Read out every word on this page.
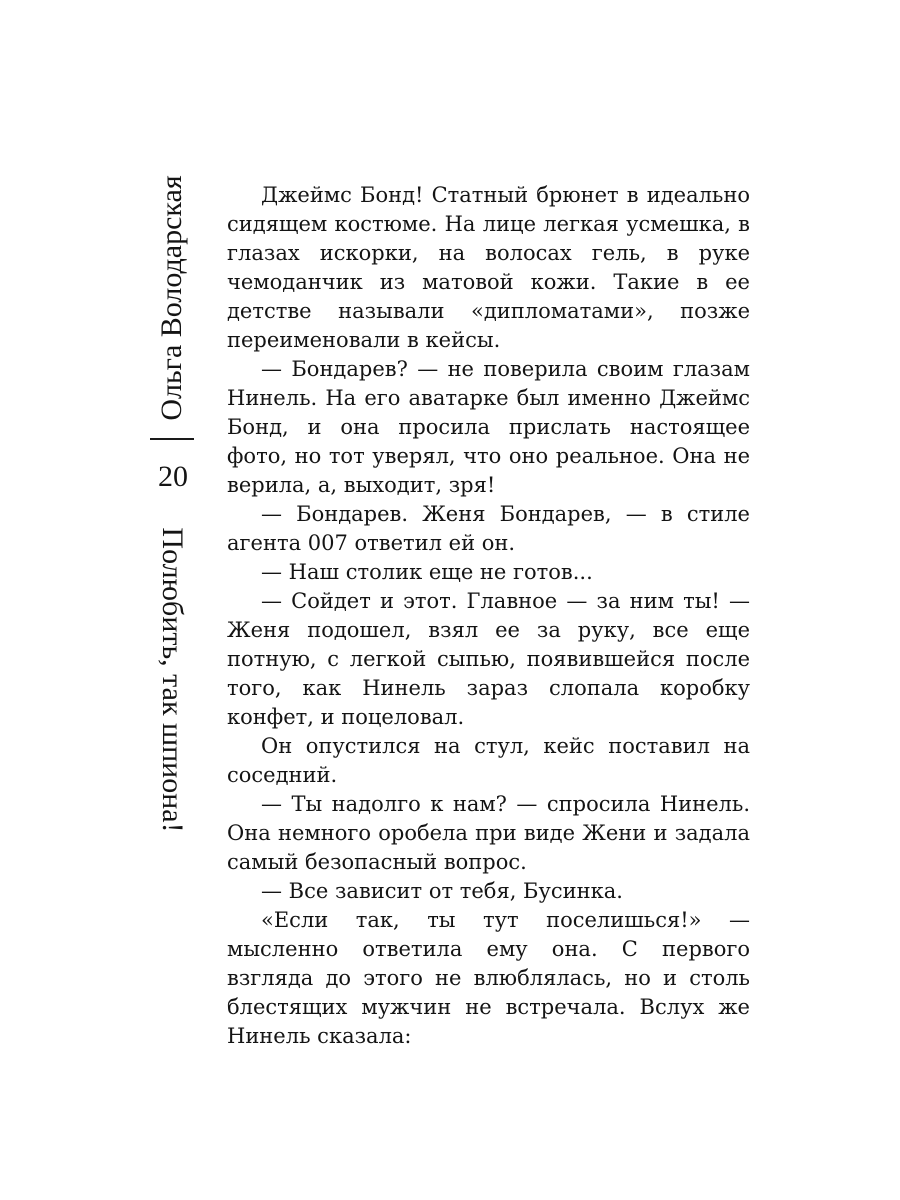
Ольга Володарская
20
Полюбить, так шпиона!

Джеймс Бонд! Статный брюнет в идеально сидящем костюме. На лице легкая усмешка, в глазах искорки, на волосах гель, в руке чемоданчик из матовой кожи. Такие в ее детстве называли «дипломатами», позже переименовали в кейсы.

— Бондарев? — не поверила своим глазам Нинель. На его аватарке был именно Джеймс Бонд, и она просила прислать настоящее фото, но тот уверял, что оно реальное. Она не верила, а, выходит, зря!

— Бондарев. Женя Бондарев, — в стиле агента 007 ответил ей он.

— Наш столик еще не готов...

— Сойдет и этот. Главное — за ним ты! — Женя подошел, взял ее за руку, все еще потную, с легкой сыпью, появившейся после того, как Нинель зараз слопала коробку конфет, и поцеловал.

Он опустился на стул, кейс поставил на соседний.

— Ты надолго к нам? — спросила Нинель. Она немного оробела при виде Жени и задала самый безопасный вопрос.

— Все зависит от тебя, Бусинка.

«Если так, ты тут поселишься!» — мысленно ответила ему она. С первого взгляда до этого не влюблялась, но и столь блестящих мужчин не встречала. Вслух же Нинель сказала:
